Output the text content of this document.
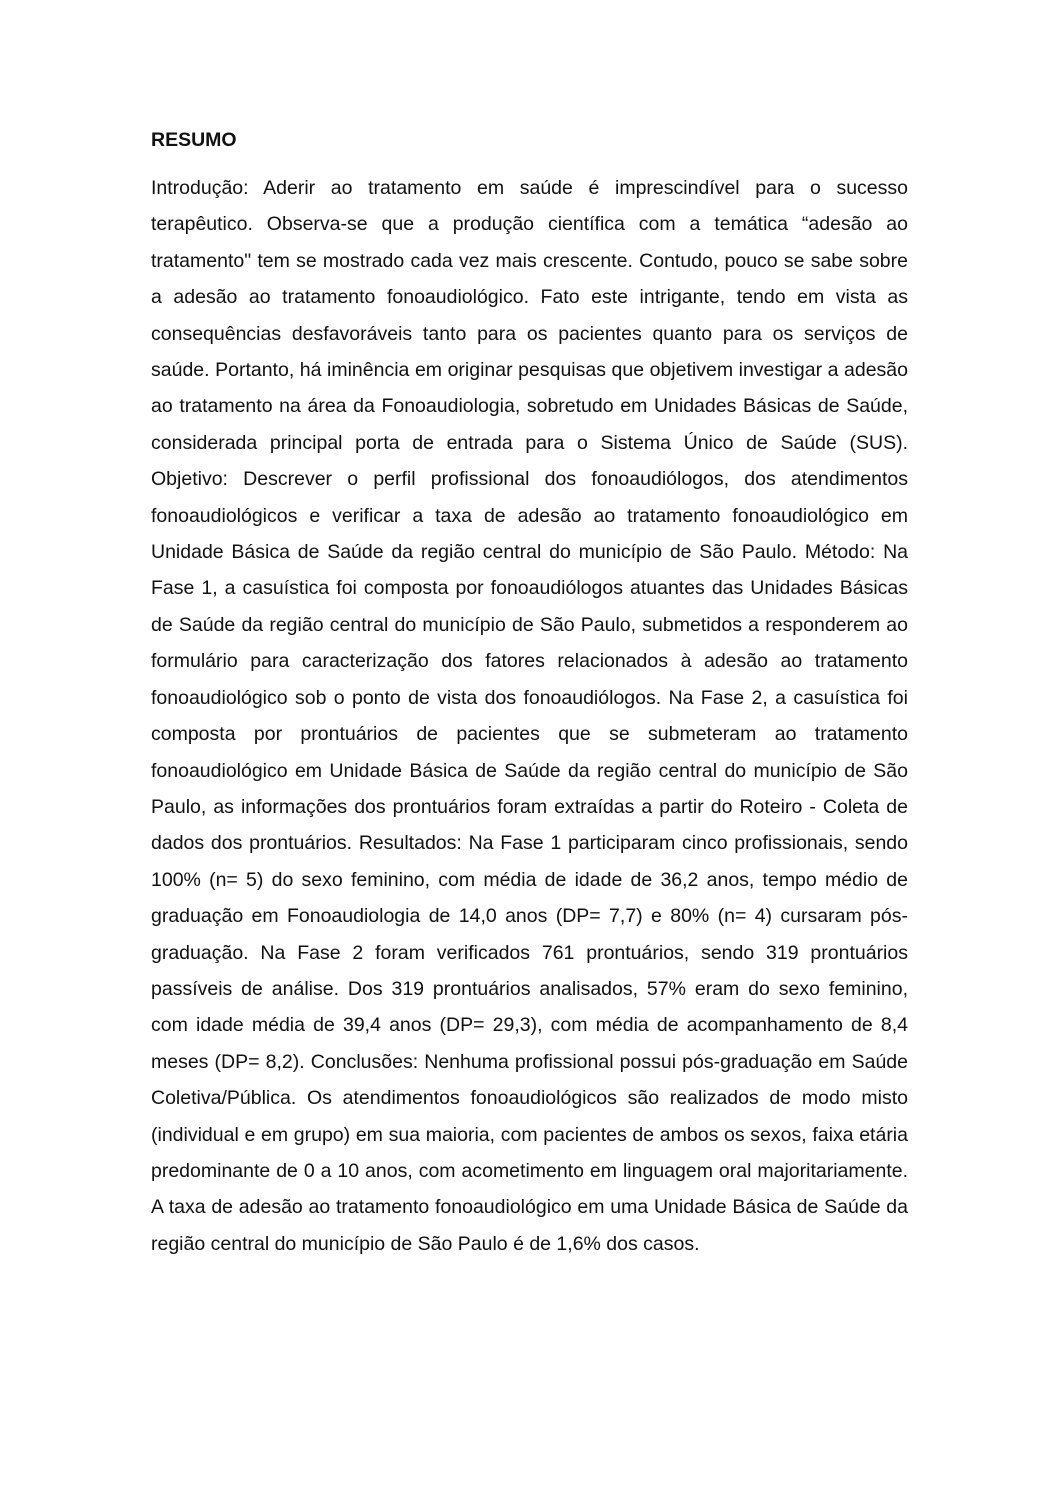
RESUMO

Introdução: Aderir ao tratamento em saúde é imprescindível para o sucesso terapêutico. Observa-se que a produção científica com a temática “adesão ao tratamento" tem se mostrado cada vez mais crescente. Contudo, pouco se sabe sobre a adesão ao tratamento fonoaudiológico. Fato este intrigante, tendo em vista as consequências desfavoráveis tanto para os pacientes quanto para os serviços de saúde. Portanto, há iminência em originar pesquisas que objetivem investigar a adesão ao tratamento na área da Fonoaudiologia, sobretudo em Unidades Básicas de Saúde, considerada principal porta de entrada para o Sistema Único de Saúde (SUS). Objetivo: Descrever o perfil profissional dos fonoaudiólogos, dos atendimentos fonoaudiológicos e verificar a taxa de adesão ao tratamento fonoaudiológico em Unidade Básica de Saúde da região central do município de São Paulo. Método: Na Fase 1, a casuística foi composta por fonoaudiólogos atuantes das Unidades Básicas de Saúde da região central do município de São Paulo, submetidos a responderem ao formulário para caracterização dos fatores relacionados à adesão ao tratamento fonoaudiológico sob o ponto de vista dos fonoaudiólogos. Na Fase 2, a casuística foi composta por prontuários de pacientes que se submeteram ao tratamento fonoaudiológico em Unidade Básica de Saúde da região central do município de São Paulo, as informações dos prontuários foram extraídas a partir do Roteiro - Coleta de dados dos prontuários. Resultados: Na Fase 1 participaram cinco profissionais, sendo 100% (n= 5) do sexo feminino, com média de idade de 36,2 anos, tempo médio de graduação em Fonoaudiologia de 14,0 anos (DP= 7,7) e 80% (n= 4) cursaram pós-graduação. Na Fase 2 foram verificados 761 prontuários, sendo 319 prontuários passíveis de análise. Dos 319 prontuários analisados, 57% eram do sexo feminino, com idade média de 39,4 anos (DP= 29,3), com média de acompanhamento de 8,4 meses (DP= 8,2). Conclusões: Nenhuma profissional possui pós-graduação em Saúde Coletiva/Pública. Os atendimentos fonoaudiológicos são realizados de modo misto (individual e em grupo) em sua maioria, com pacientes de ambos os sexos, faixa etária predominante de 0 a 10 anos, com acometimento em linguagem oral majoritariamente. A taxa de adesão ao tratamento fonoaudiológico em uma Unidade Básica de Saúde da região central do município de São Paulo é de 1,6% dos casos.
